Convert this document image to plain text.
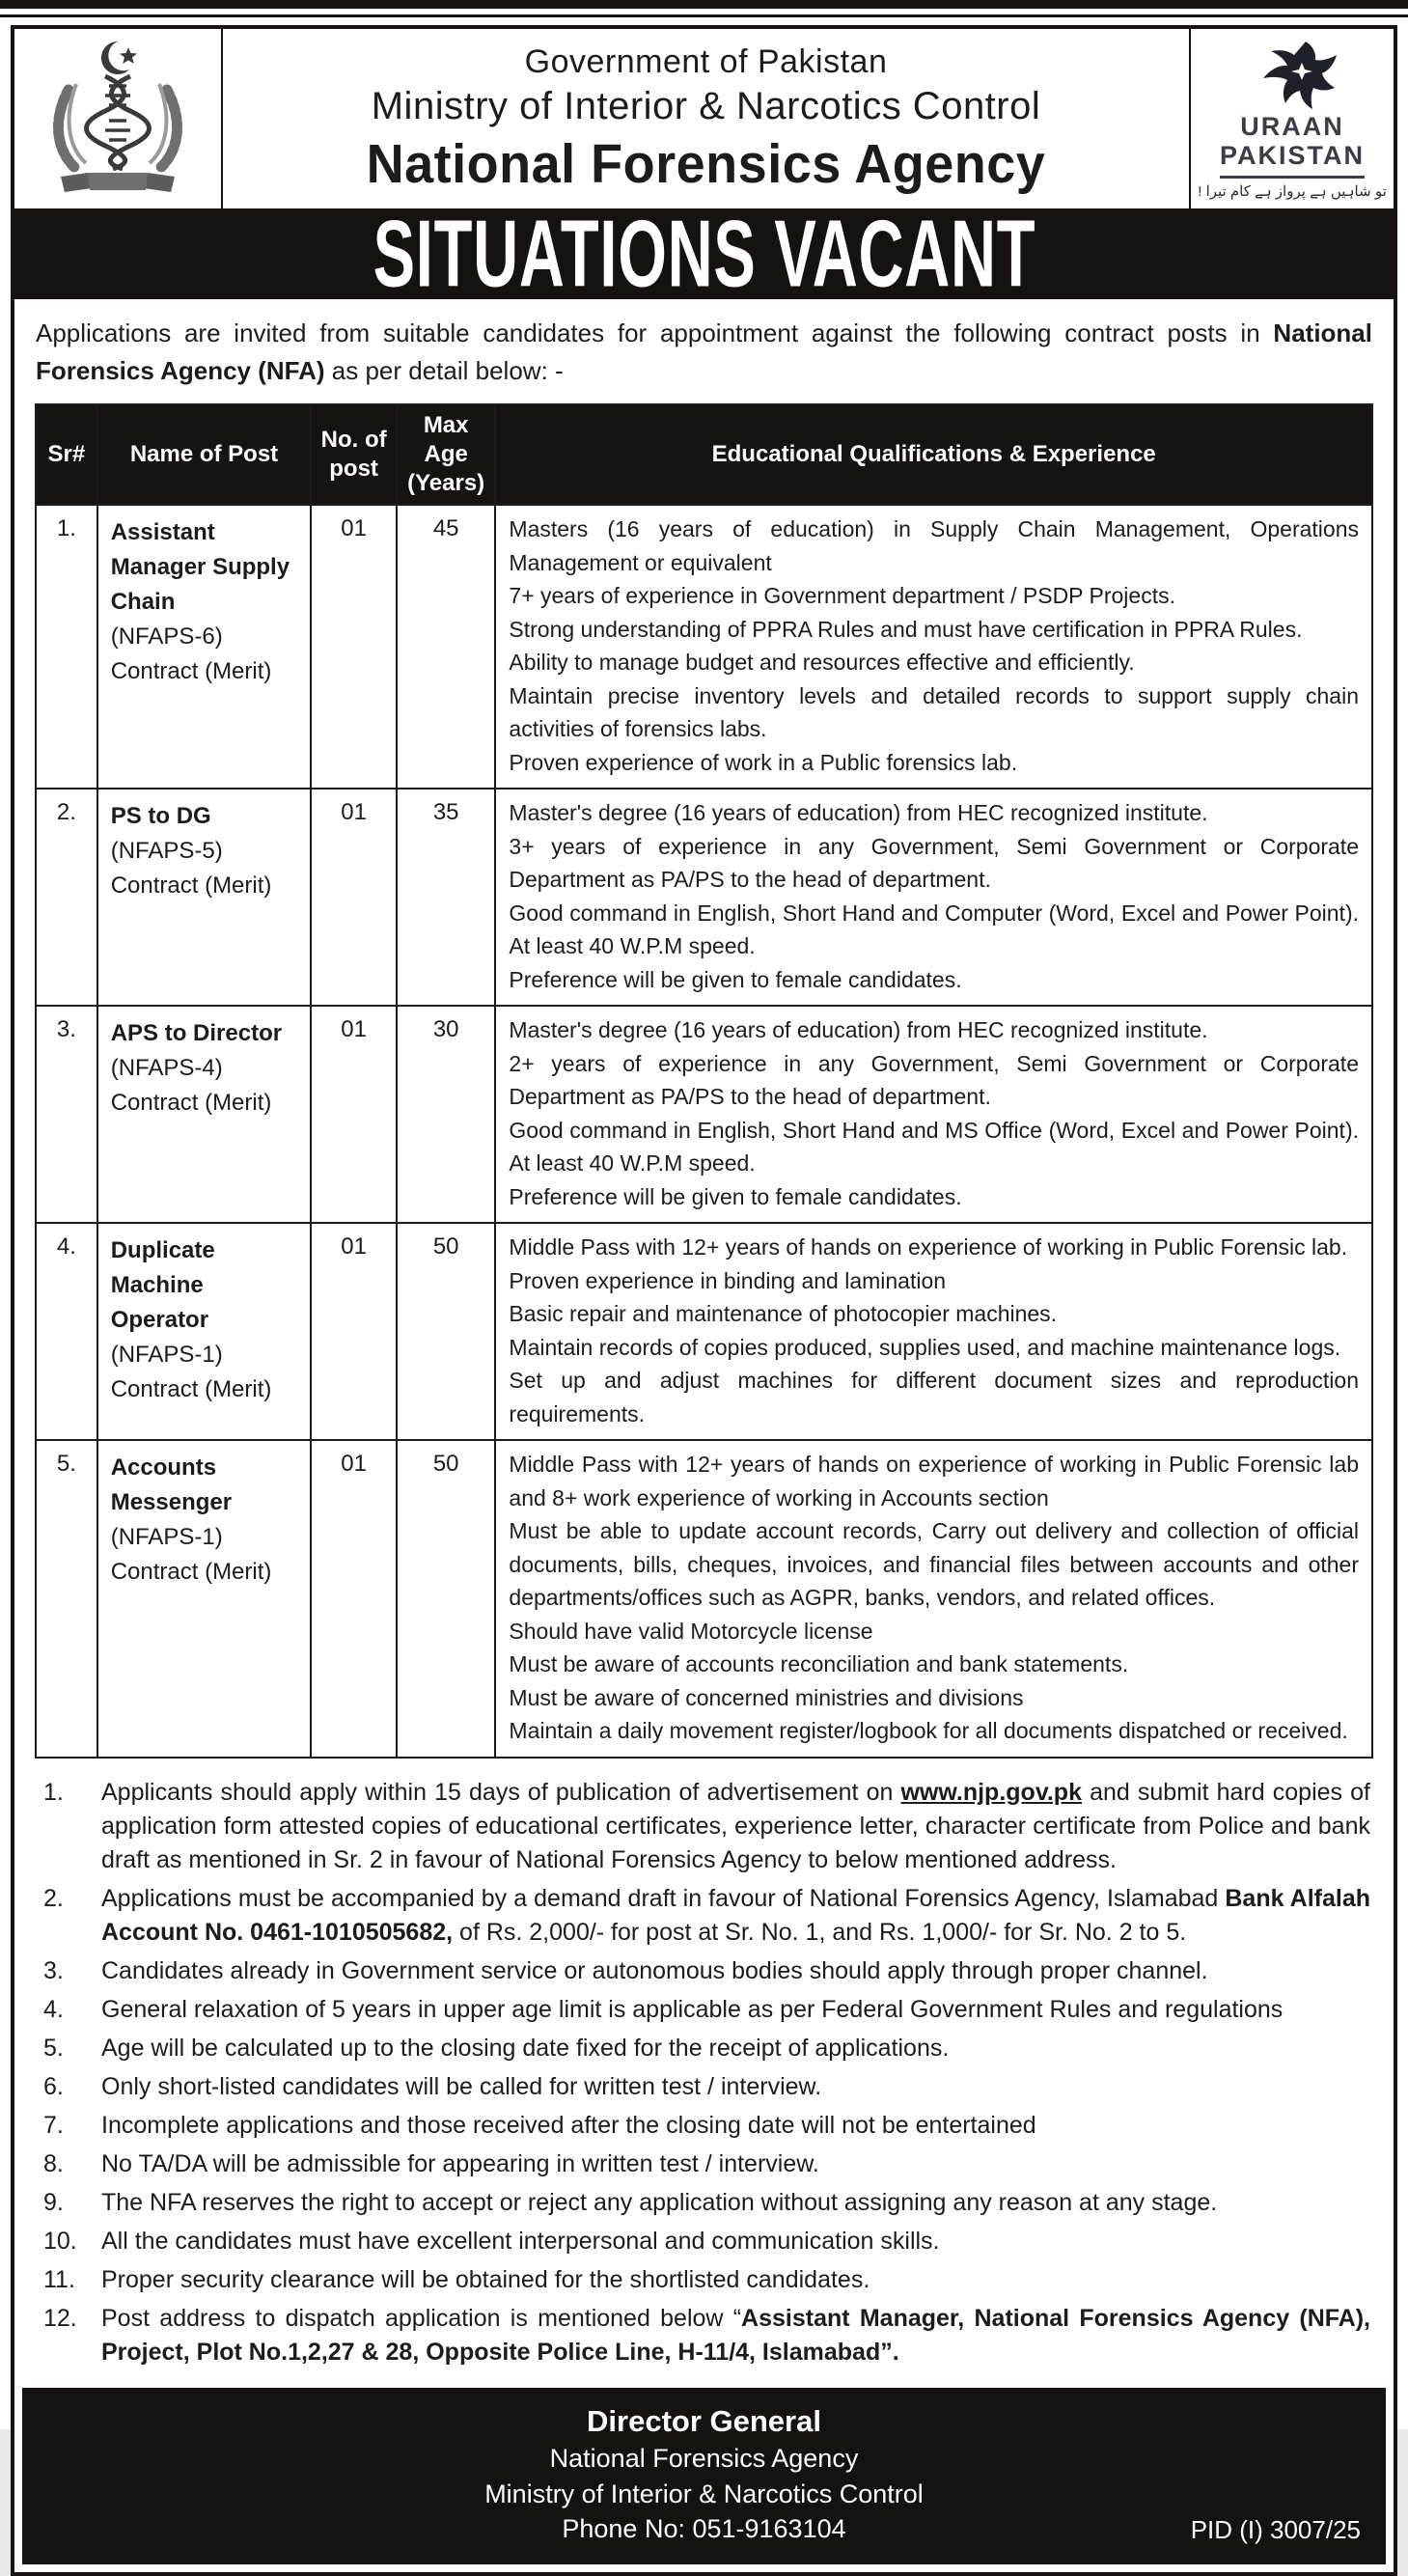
Government of Pakistan
Ministry of Interior & Narcotics Control
National Forensics Agency
URAAN
PAKISTAN
تو شاہیں ہے پرواز ہے کام تیرا !
SITUATIONS VACANT
Applications are invited from suitable candidates for appointment against the following contract posts in National Forensics Agency (NFA) as per detail below: -
Sr#	Name of Post	No. of post	Max Age (Years)	Educational Qualifications & Experience
1.	Assistant Manager Supply Chain
(NFAPS-6)
Contract (Merit)
	01	45	Masters (16 years of education) in Supply Chain Management, Operations Management or equivalent
7+ years of experience in Government department / PSDP Projects.
Strong understanding of PPRA Rules and must have certification in PPRA Rules.
Ability to manage budget and resources effective and efficiently.
Maintain precise inventory levels and detailed records to support supply chain activities of forensics labs.
Proven experience of work in a Public forensics lab.

2.	PS to DG
(NFAPS-5)
Contract (Merit)
	01	35	Master's degree (16 years of education) from HEC recognized institute.
3+ years of experience in any Government, Semi Government or Corporate Department as PA/PS to the head of department.
Good command in English, Short Hand and Computer (Word, Excel and Power Point). At least 40 W.P.M speed.
Preference will be given to female candidates.

3.	APS to Director
(NFAPS-4)
Contract (Merit)
	01	30	Master's degree (16 years of education) from HEC recognized institute.
2+ years of experience in any Government, Semi Government or Corporate Department as PA/PS to the head of department.
Good command in English, Short Hand and MS Office (Word, Excel and Power Point). At least 40 W.P.M speed.
Preference will be given to female candidates.

4.	Duplicate Machine Operator
(NFAPS-1)
Contract (Merit)
	01	50	Middle Pass with 12+ years of hands on experience of working in Public Forensic lab.
Proven experience in binding and lamination
Basic repair and maintenance of photocopier machines.
Maintain records of copies produced, supplies used, and machine maintenance logs.
Set up and adjust machines for different document sizes and reproduction requirements.

5.	Accounts Messenger
(NFAPS-1)
Contract (Merit)
	01	50	Middle Pass with 12+ years of hands on experience of working in Public Forensic lab and 8+ work experience of working in Accounts section
Must be able to update account records, Carry out delivery and collection of official documents, bills, cheques, invoices, and financial files between accounts and other departments/offices such as AGPR, banks, vendors, and related offices.
Should have valid Motorcycle license
Must be aware of accounts reconciliation and bank statements.
Must be aware of concerned ministries and divisions
Maintain a daily movement register/logbook for all documents dispatched or received.
1.	Applicants should apply within 15 days of publication of advertisement on www.njp.gov.pk and submit hard copies of application form attested copies of educational certificates, experience letter, character certificate from Police and bank draft as mentioned in Sr. 2 in favour of National Forensics Agency to below mentioned address.
2.	Applications must be accompanied by a demand draft in favour of National Forensics Agency, Islamabad Bank Alfalah Account No. 0461-1010505682, of Rs. 2,000/- for post at Sr. No. 1, and Rs. 1,000/- for Sr. No. 2 to 5.
3.	Candidates already in Government service or autonomous bodies should apply through proper channel.
4.	General relaxation of 5 years in upper age limit is applicable as per Federal Government Rules and regulations
5.	Age will be calculated up to the closing date fixed for the receipt of applications.
6.	Only short-listed candidates will be called for written test / interview.
7.	Incomplete applications and those received after the closing date will not be entertained
8.	No TA/DA will be admissible for appearing in written test / interview.
9.	The NFA reserves the right to accept or reject any application without assigning any reason at any stage.
10.	All the candidates must have excellent interpersonal and communication skills.
11.	Proper security clearance will be obtained for the shortlisted candidates.
12.	Post address to dispatch application is mentioned below “Assistant Manager, National Forensics Agency (NFA), Project, Plot No.1,2,27 & 28, Opposite Police Line, H-11/4, Islamabad”.
Director General
National Forensics Agency
Ministry of Interior & Narcotics Control
Phone No: 051-9163104	PID (I) 3007/25
